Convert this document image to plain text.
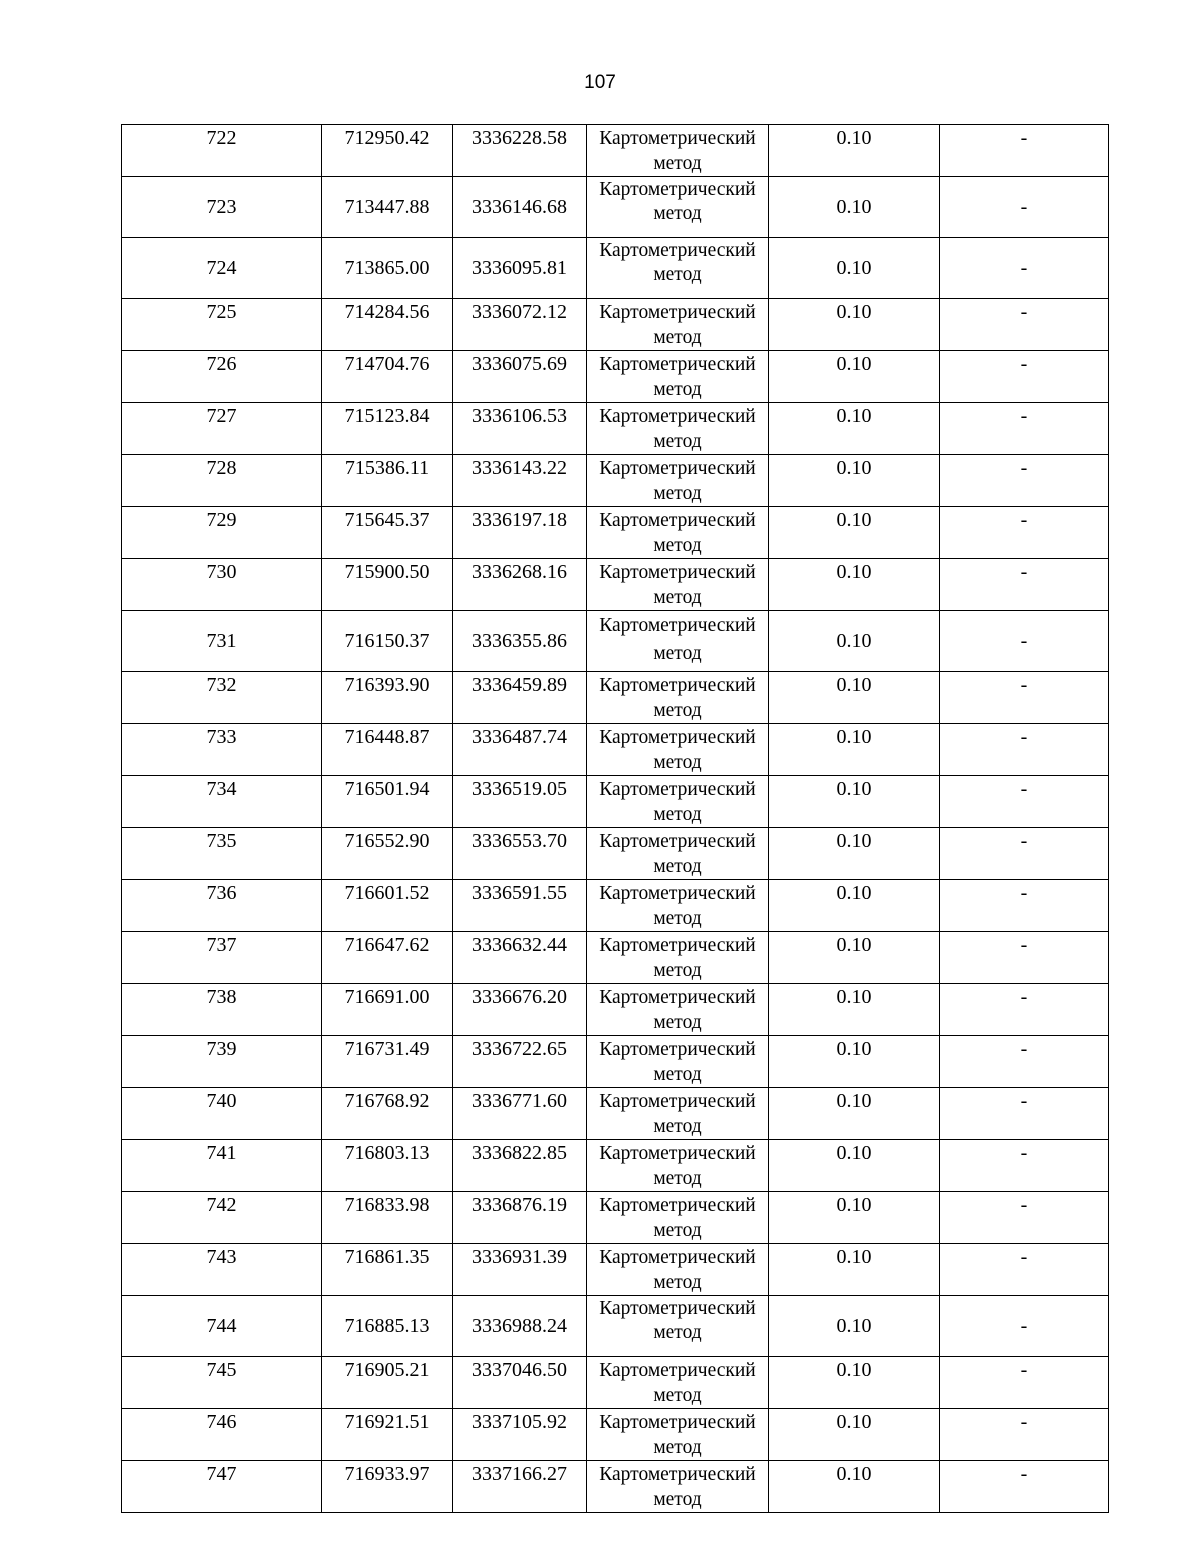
107
722	712950.42	3336228.58	Картометрический метод	0.10	-
723	713447.88	3336146.68	Картометрический метод	0.10	-
724	713865.00	3336095.81	Картометрический метод	0.10	-
725	714284.56	3336072.12	Картометрический метод	0.10	-
726	714704.76	3336075.69	Картометрический метод	0.10	-
727	715123.84	3336106.53	Картометрический метод	0.10	-
728	715386.11	3336143.22	Картометрический метод	0.10	-
729	715645.37	3336197.18	Картометрический метод	0.10	-
730	715900.50	3336268.16	Картометрический метод	0.10	-
731	716150.37	3336355.86	Картометрический метод	0.10	-
732	716393.90	3336459.89	Картометрический метод	0.10	-
733	716448.87	3336487.74	Картометрический метод	0.10	-
734	716501.94	3336519.05	Картометрический метод	0.10	-
735	716552.90	3336553.70	Картометрический метод	0.10	-
736	716601.52	3336591.55	Картометрический метод	0.10	-
737	716647.62	3336632.44	Картометрический метод	0.10	-
738	716691.00	3336676.20	Картометрический метод	0.10	-
739	716731.49	3336722.65	Картометрический метод	0.10	-
740	716768.92	3336771.60	Картометрический метод	0.10	-
741	716803.13	3336822.85	Картометрический метод	0.10	-
742	716833.98	3336876.19	Картометрический метод	0.10	-
743	716861.35	3336931.39	Картометрический метод	0.10	-
744	716885.13	3336988.24	Картометрический метод	0.10	-
745	716905.21	3337046.50	Картометрический метод	0.10	-
746	716921.51	3337105.92	Картометрический метод	0.10	-
747	716933.97	3337166.27	Картометрический метод	0.10	-
